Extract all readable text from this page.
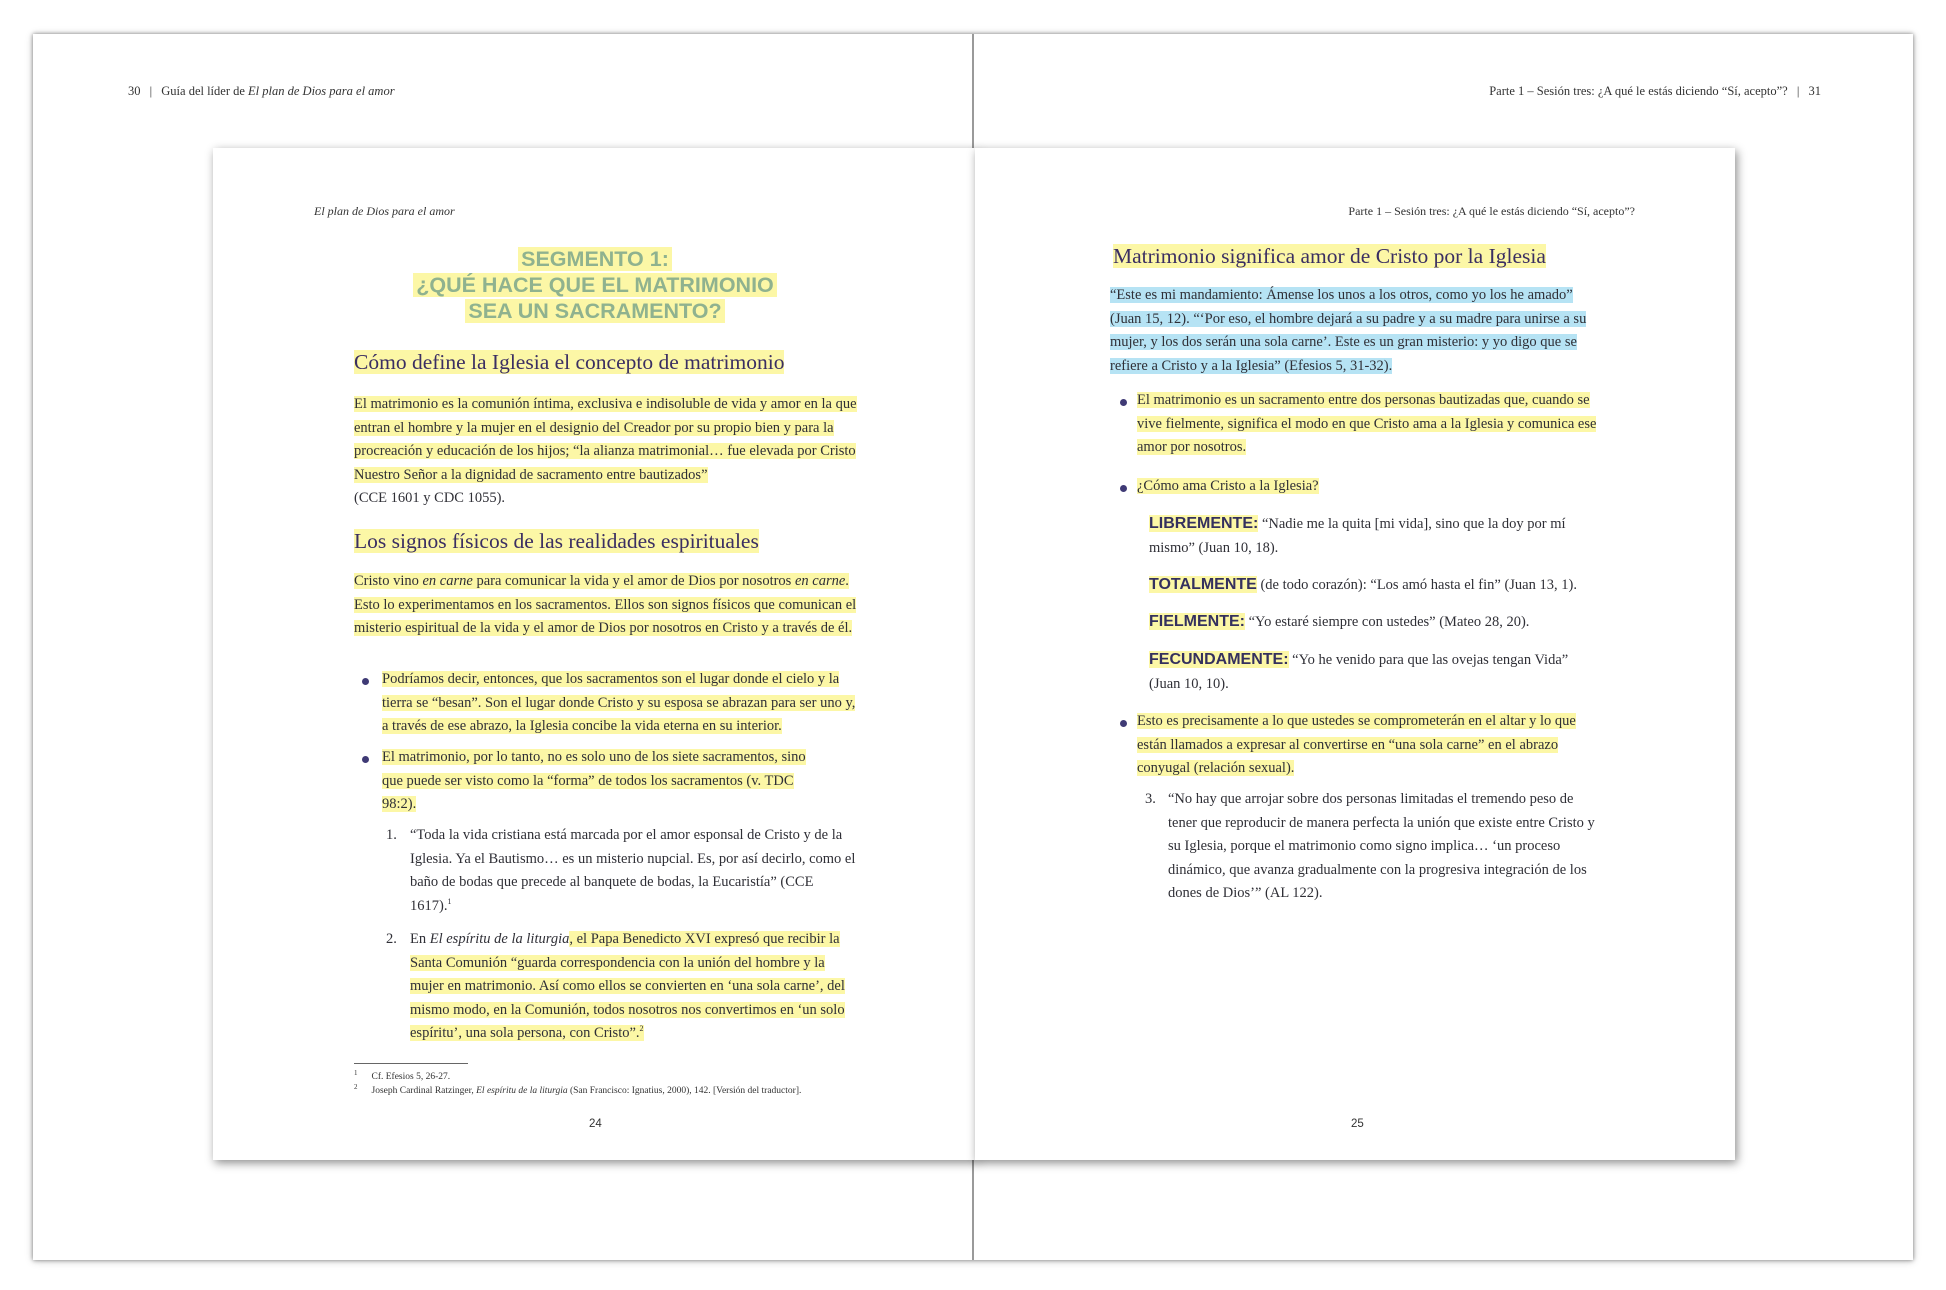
30 | Guía del líder de El plan de Dios para el amor	Parte 1 – Sesión tres: ¿A qué le estás diciendo “Sí, acepto”? | 31
El plan de Dios para el amor
SEGMENTO 1:
¿QUÉ HACE QUE EL MATRIMONIO
SEA UN SACRAMENTO?
Cómo define la Iglesia el concepto de matrimonio
El matrimonio es la comunión íntima, exclusiva e indisoluble de vida y amor en la que entran el hombre y la mujer en el designio del Creador por su propio bien y para la procreación y educación de los hijos; “la alianza matrimonial… fue elevada por Cristo Nuestro Señor a la dignidad de sacramento entre bautizados”
(CCE 1601 y CDC 1055).
Los signos físicos de las realidades espirituales
Cristo vino en carne para comunicar la vida y el amor de Dios por nosotros en carne. Esto lo experimentamos en los sacramentos. Ellos son signos físicos que comunican el misterio espiritual de la vida y el amor de Dios por nosotros en Cristo y a través de él.
Podríamos decir, entonces, que los sacramentos son el lugar donde el cielo y la tierra se “besan”. Son el lugar donde Cristo y su esposa se abrazan para ser uno y, a través de ese abrazo, la Iglesia concibe la vida eterna en su interior.
El matrimonio, por lo tanto, no es solo uno de los siete sacramentos, sino que puede ser visto como la “forma” de todos los sacramentos (v. TDC 98:2).
1. “Toda la vida cristiana está marcada por el amor esponsal de Cristo y de la Iglesia. Ya el Bautismo… es un misterio nupcial. Es, por así decirlo, como el baño de bodas que precede al banquete de bodas, la Eucaristía” (CCE 1617).$^1$
2. En El espíritu de la liturgia, el Papa Benedicto XVI expresó que recibir la Santa Comunión “guarda correspondencia con la unión del hombre y la mujer en matrimonio. Así como ellos se convierten en ‘una sola carne’, del mismo modo, en la Comunión, todos nosotros nos convertimos en ‘un solo espíritu’, una sola persona, con Cristo”.$^2$
$^1$ Cf. Efesios 5, 26-27.
$^2$ Joseph Cardinal Ratzinger, El espíritu de la liturgia (San Francisco: Ignatius, 2000), 142. [Versión del traductor].
24
Parte 1 – Sesión tres: ¿A qué le estás diciendo “Sí, acepto”?
Matrimonio significa amor de Cristo por la Iglesia
“Este es mi mandamiento: Ámense los unos a los otros, como yo los he amado” (Juan 15, 12). “‘Por eso, el hombre dejará a su padre y a su madre para unirse a su mujer, y los dos serán una sola carne’. Este es un gran misterio: y yo digo que se refiere a Cristo y a la Iglesia” (Efesios 5, 31-32).
El matrimonio es un sacramento entre dos personas bautizadas que, cuando se vive fielmente, significa el modo en que Cristo ama a la Iglesia y comunica ese amor por nosotros.
¿Cómo ama Cristo a la Iglesia?
LIBREMENTE: “Nadie me la quita [mi vida], sino que la doy por mí mismo” (Juan 10, 18).
TOTALMENTE (de todo corazón): “Los amó hasta el fin” (Juan 13, 1).
FIELMENTE: “Yo estaré siempre con ustedes” (Mateo 28, 20).
FECUNDAMENTE: “Yo he venido para que las ovejas tengan Vida” (Juan 10, 10).
Esto es precisamente a lo que ustedes se comprometerán en el altar y lo que están llamados a expresar al convertirse en “una sola carne” en el abrazo conyugal (relación sexual).
3. “No hay que arrojar sobre dos personas limitadas el tremendo peso de tener que reproducir de manera perfecta la unión que existe entre Cristo y su Iglesia, porque el matrimonio como signo implica… ‘un proceso dinámico, que avanza gradualmente con la progresiva integración de los dones de Dios’” (AL 122).
25
